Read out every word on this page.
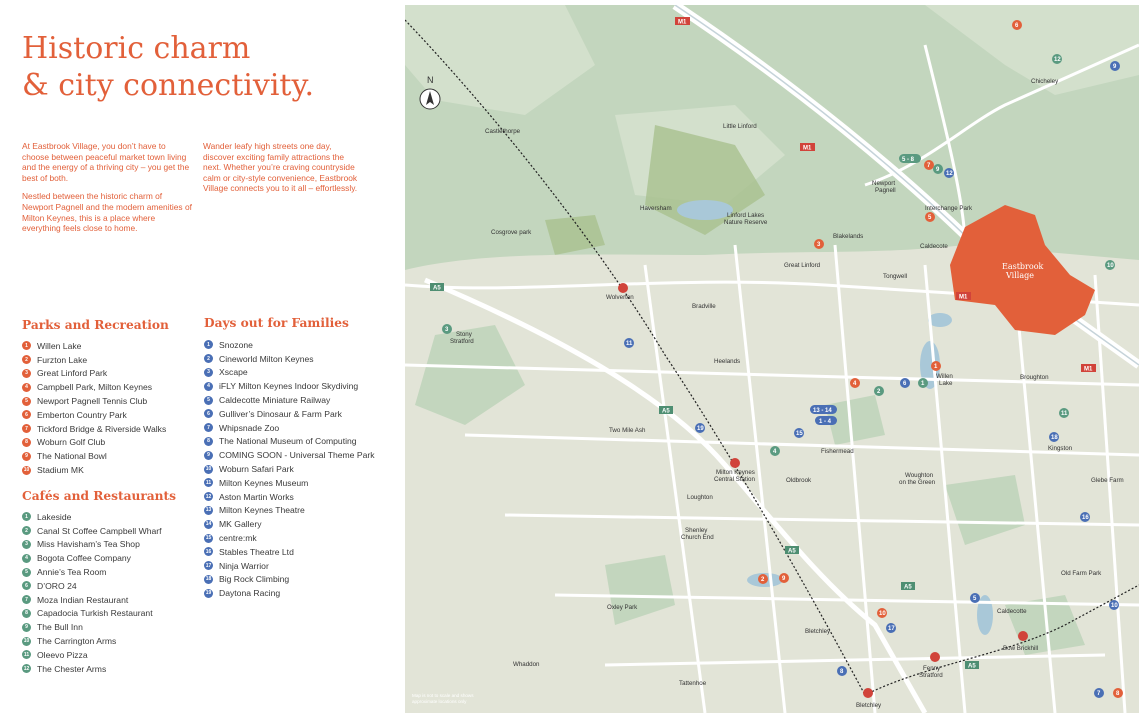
Historic charm
& city connectivity.

At Eastbrook Village, you don’t have to choose between peaceful market town living and the energy of a thriving city – you get the best of both.

Nestled between the historic charm of Newport Pagnell and the modern amenities of Milton Keynes, this is a place where everything feels close to home.

Wander leafy high streets one day, discover exciting family attractions the next. Whether you’re craving countryside calm or city-style convenience, Eastbrook Village connects you to it all – effortlessly.

Parks and Recreation
1	Willen Lake
2	Furzton Lake
3	Great Linford Park
4	Campbell Park, Milton Keynes
5	Newport Pagnell Tennis Club
6	Emberton Country Park
7	Tickford Bridge & Riverside Walks
8	Woburn Golf Club
9	The National Bowl
10 Stadium MK
Cafés and Restaurants
1	Lakeside
2	Canal St Coffee Campbell Wharf
3	Miss Havisham’s Tea Shop
4	Bogota Coffee Company
5	Annie’s Tea Room
6	D’ORO 24
7	Moza Indian Restaurant
8	Capadocia Turkish Restaurant
9	The Bull Inn
10 The Carrington Arms
11 Oleevo Pizza
12 The Chester Arms
Days out for Families
1	Snozone
2	Cineworld Milton Keynes
3	Xscape
4	iFLY Milton Keynes Indoor Skydiving
5	Caldecotte Miniature Railway
6	Gulliver’s Dinosaur & Farm Park
7	Whipsnade Zoo
8	The National Museum of Computing
9	COMING SOON - Universal Theme Park
10 Woburn Safari Park
11 Milton Keynes Museum
12 Aston Martin Works
13 Milton Keynes Theatre
14 MK Gallery
15 centre:mk
16 Stables Theatre Ltd
17 Ninja Warrior
18 Big Rock Climbing
19 Daytona Racing
Eastbrook
Village
N
Castlethorpe
Little Linford
Chicheley
Newport
Pagnell
Interchange Park
Haversham
Linford Lakes
Nature Reserve
Cosgrove park
Blakelands
Caldecote
Great Linford
Tongwell
Wolverton
Bradville
Stony
Stratford
Heelands
Willen
Lake
Broughton
Two Mile Ash
Fishermead	Kingston
Milton Keynes
Central Station	Oldbrook
Woughton
on the Green	Glebe Farm
Loughton
Shenley
Church End
Old Farm Park
Oxley Park
Caldecotte
Bletchley
Bow Brickhill
Whaddon
Fenny
Stratford
Tattenhoe
Bletchley
M1
M1
M1
M1
A5
A5
A5
A5
A5
6
7
5
3
1
4
2	9
10
8
5 - 8
9
12
10
3
2
1
4
11
12
9
11
6
13 - 14
1 - 4
19
15
18
16
5
17
8
10
7
Map is not to scale and shows
approximate locations only
